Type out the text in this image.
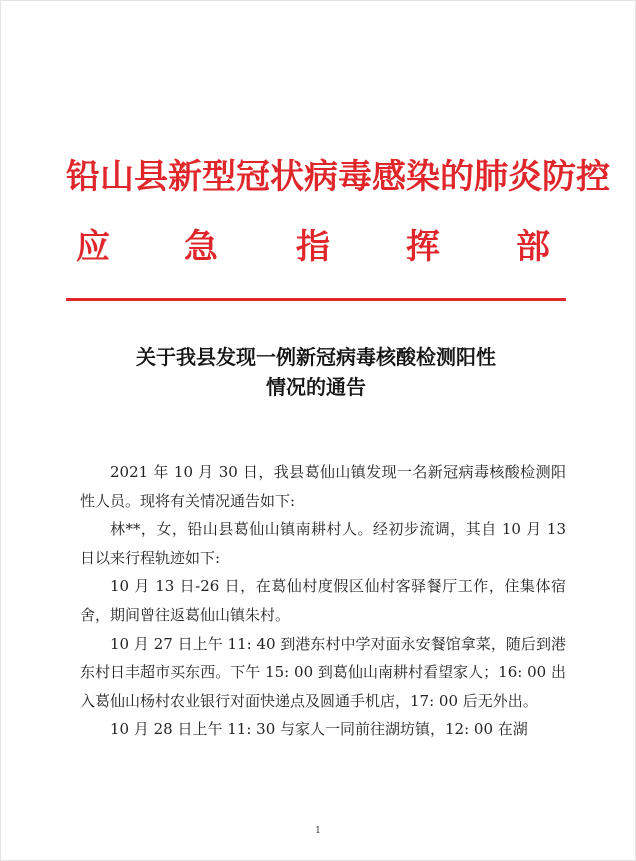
铅山县新型冠状病毒感染的肺炎防控
应 急 指 挥 部
关于我县发现一例新冠病毒核酸检测阳性
情况的通告

2021 年 10 月 30 日，我县葛仙山镇发现一名新冠病毒核酸检测阳性人员。现将有关情况通告如下:

林**，女，铅山县葛仙山镇南耕村人。经初步流调，其自 10 月 13 日以来行程轨迹如下:

10 月 13 日-26 日，在葛仙村度假区仙村客驿餐厅工作，住集体宿舍，期间曾往返葛仙山镇朱村。

10 月 27 日上午 11: 40 到港东村中学对面永安餐馆拿菜，随后到港东村日丰超市买东西。下午 15: 00 到葛仙山南耕村看望家人；16: 00 出入葛仙山杨村农业银行对面快递点及圆通手机店，17: 00 后无外出。

10 月 28 日上午 11: 30 与家人一同前往湖坊镇，12: 00 在湖

1
